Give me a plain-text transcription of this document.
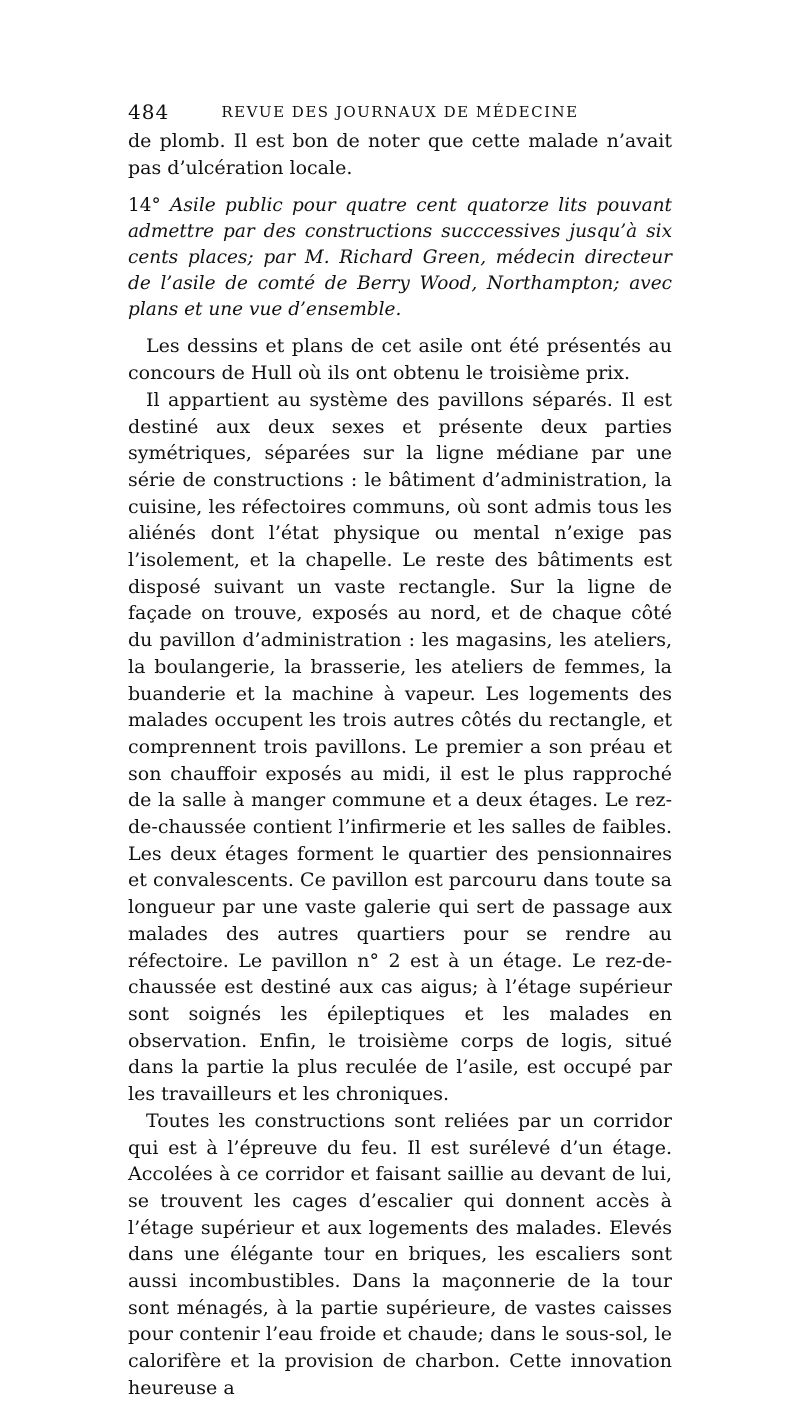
484	REVUE DES JOURNAUX DE MÉDECINE

de plomb. Il est bon de noter que cette malade n’avait pas d’ulcération locale.

14° Asile public pour quatre cent quatorze lits pouvant admettre par des constructions succcessives jusqu’à six cents places; par M. Richard Green, médecin directeur de l’asile de comté de Berry Wood, Northampton; avec plans et une vue d’ensemble.

Les dessins et plans de cet asile ont été présentés au concours de Hull où ils ont obtenu le troisième prix.

Il appartient au système des pavillons séparés. Il est destiné aux deux sexes et présente deux parties symétriques, séparées sur la ligne médiane par une série de constructions : le bâtiment d’administration, la cuisine, les réfectoires communs, où sont admis tous les aliénés dont l’état physique ou mental n’exige pas l’isolement, et la chapelle. Le reste des bâtiments est disposé suivant un vaste rectangle. Sur la ligne de façade on trouve, exposés au nord, et de chaque côté du pavillon d’administration : les magasins, les ateliers, la boulangerie, la brasserie, les ateliers de femmes, la buanderie et la machine à vapeur. Les logements des malades occupent les trois autres côtés du rectangle, et comprennent trois pavillons. Le premier a son préau et son chauffoir exposés au midi, il est le plus rapproché de la salle à manger commune et a deux étages. Le rez-de-chaussée contient l’infirmerie et les salles de faibles. Les deux étages forment le quartier des pensionnaires et convalescents. Ce pavillon est parcouru dans toute sa longueur par une vaste galerie qui sert de passage aux malades des autres quartiers pour se rendre au réfectoire. Le pavillon n° 2 est à un étage. Le rez-de-chaussée est destiné aux cas aigus; à l’étage supérieur sont soignés les épileptiques et les malades en observation. Enfin, le troisième corps de logis, situé dans la partie la plus reculée de l’asile, est occupé par les travailleurs et les chroniques.

Toutes les constructions sont reliées par un corridor qui est à l’épreuve du feu. Il est surélevé d’un étage. Accolées à ce corridor et faisant saillie au devant de lui, se trouvent les cages d’escalier qui donnent accès à l’étage supérieur et aux logements des malades. Elevés dans une élégante tour en briques, les escaliers sont aussi incombustibles. Dans la maçonnerie de la tour sont ménagés, à la partie supérieure, de vastes caisses pour contenir l’eau froide et chaude; dans le sous-sol, le calorifère et la provision de charbon. Cette innovation heureuse a
